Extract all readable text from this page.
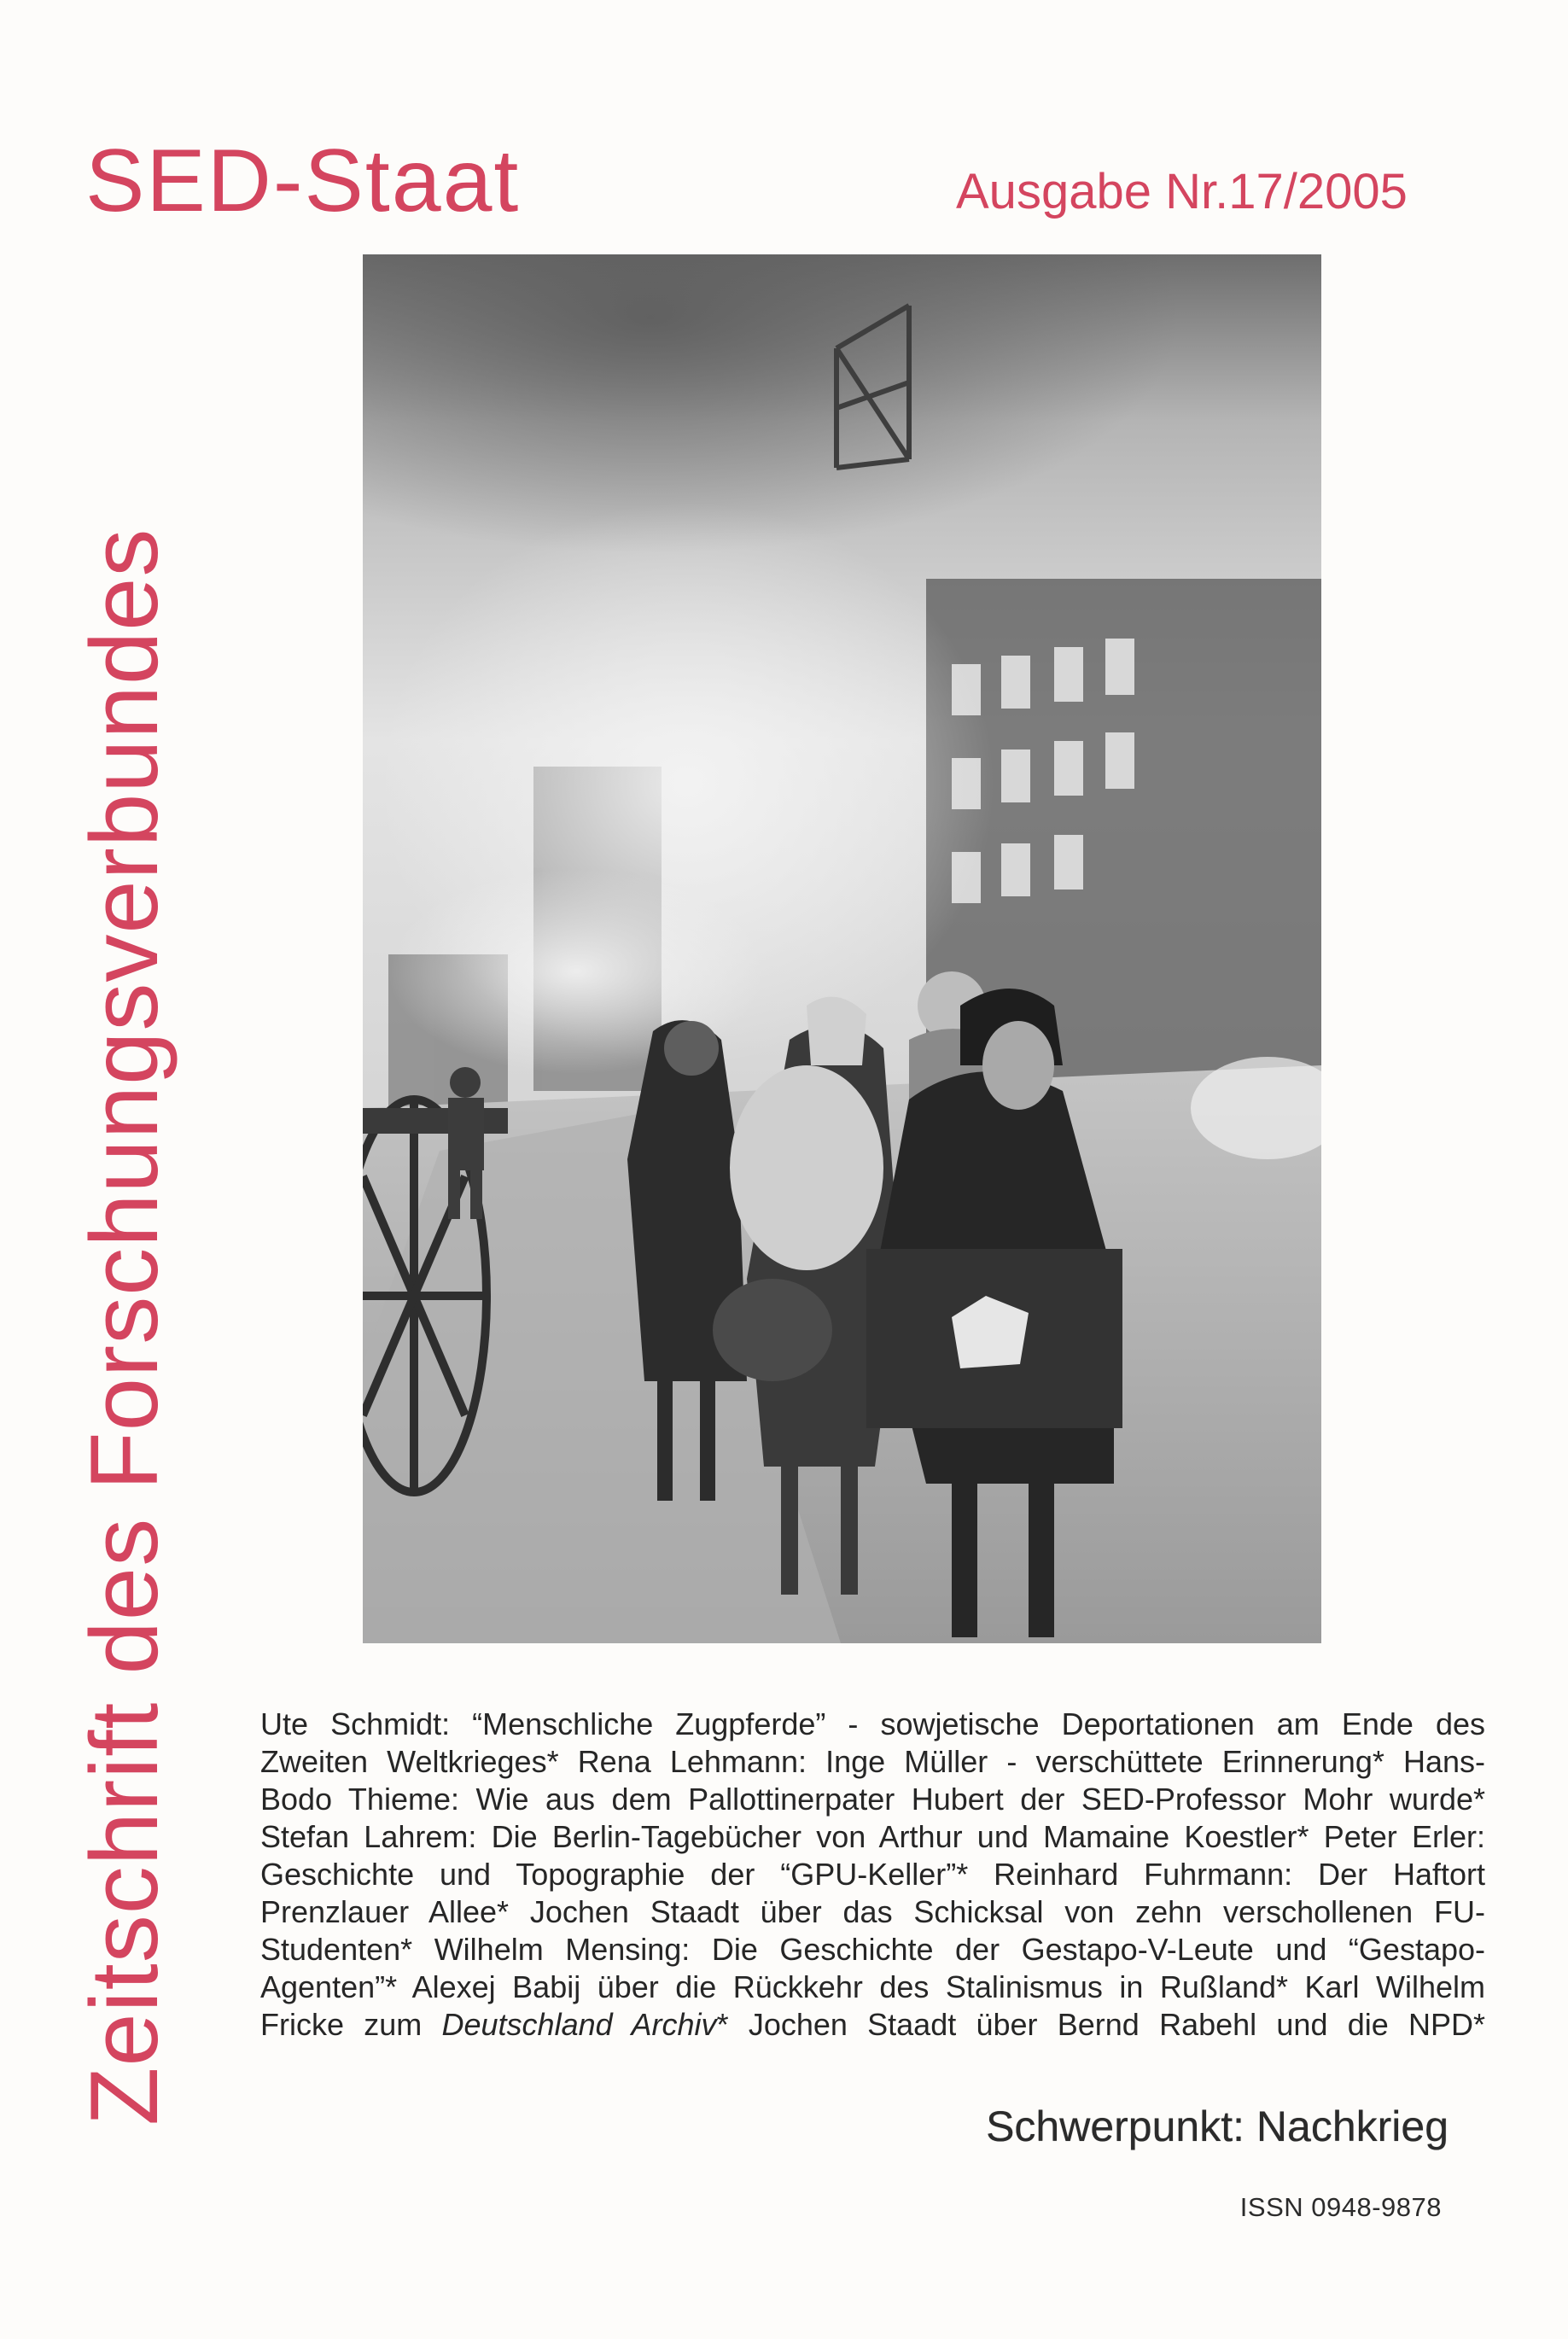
SED-Staat	Ausgabe Nr.17/2005
Zeitschrift des Forschungsverbundes	Ute Schmidt: “Menschliche Zugpferde” - sowjetische Deportationen am Ende des
Zweiten Weltkrieges* Rena Lehmann: Inge Müller - verschüttete Erinnerung* Hans-
Bodo Thieme: Wie aus dem Pallottinerpater Hubert der SED-Professor Mohr wurde*
Stefan Lahrem: Die Berlin-Tagebücher von Arthur und Mamaine Koestler* Peter Erler:
Geschichte und Topographie der “GPU-Keller”* Reinhard Fuhrmann: Der Haftort
Prenzlauer Allee* Jochen Staadt über das Schicksal von zehn verschollenen FU-
Studenten* Wilhelm Mensing: Die Geschichte der Gestapo-V-Leute und “Gestapo-
Agenten”* Alexej Babij über die Rückkehr des Stalinismus in Rußland* Karl Wilhelm
Fricke zum Deutschland Archiv* Jochen Staadt über Bernd Rabehl und die NPD*
Schwerpunkt: Nachkrieg
ISSN 0948-9878
